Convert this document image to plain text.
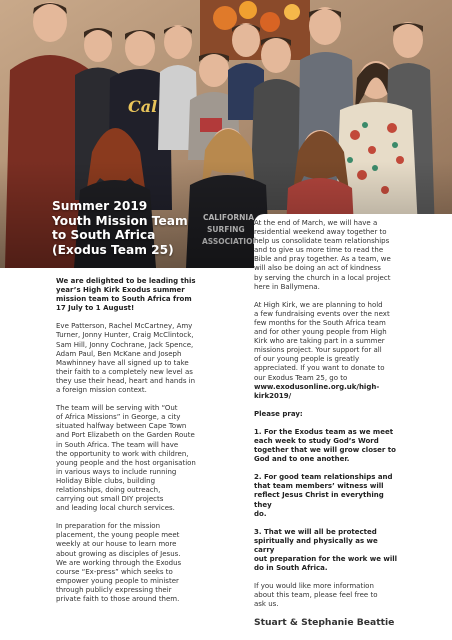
Summer 2019
Youth Mission Team
to South Africa
(Exodus Team 25)

We are delighted to be leading this
year’s High Kirk Exodus summer
mission team to South Africa from
17 July to 1 August!

Eve Patterson, Rachel McCartney, Amy
Turner, Jonny Hunter, Craig McClintock,
Sam Hill, Jonny Cochrane, Jack Spence,
Adam Paul, Ben McKane and Joseph
Mawhinney have all signed up to take
their faith to a completely new level as
they use their head, heart and hands in
a foreign mission context.

The team will be serving with “Out
of Africa Missions” in George, a city
situated halfway between Cape Town
and Port Elizabeth on the Garden Route
in South Africa. The team will have
the opportunity to work with children,
young people and the host organisation
in various ways to include running
Holiday Bible clubs, building
relationships, doing outreach,
carrying out small DIY projects
and leading local church services.

In preparation for the mission
placement, the young people meet
weekly at our house to learn more
about growing as disciples of Jesus.
We are working through the Exodus
course “Ex-press” which seeks to
empower young people to minister
through publicly expressing their
private faith to those around them.

At the end of March, we will have a
residential weekend away together to
help us consolidate team relationships
and to give us more time to read the
Bible and pray together. As a team, we
will also be doing an act of kindness
by serving the church in a local project
here in Ballymena.

At High Kirk, we are planning to hold
a few fundraising events over the next
few months for the South Africa team
and for other young people from High
Kirk who are taking part in a summer
missions project. Your support for all
of our young people is greatly
appreciated. If you want to donate to
our Exodus Team 25, go to
www.exodusonline.org.uk/high-
kirk2019/

Please pray:

1. For the Exodus team as we meet
each week to study God’s Word
together that we will grow closer to
God and to one another.

2. For good team relationships and
that team members’ witness will
reflect Jesus Christ in everything they
do.

3. That we will all be protected
spiritually and physically as we carry
out preparation for the work we will
do in South Africa.

If you would like more information
about this team, please feel free to
ask us.

Stuart & Stephanie Beattie
